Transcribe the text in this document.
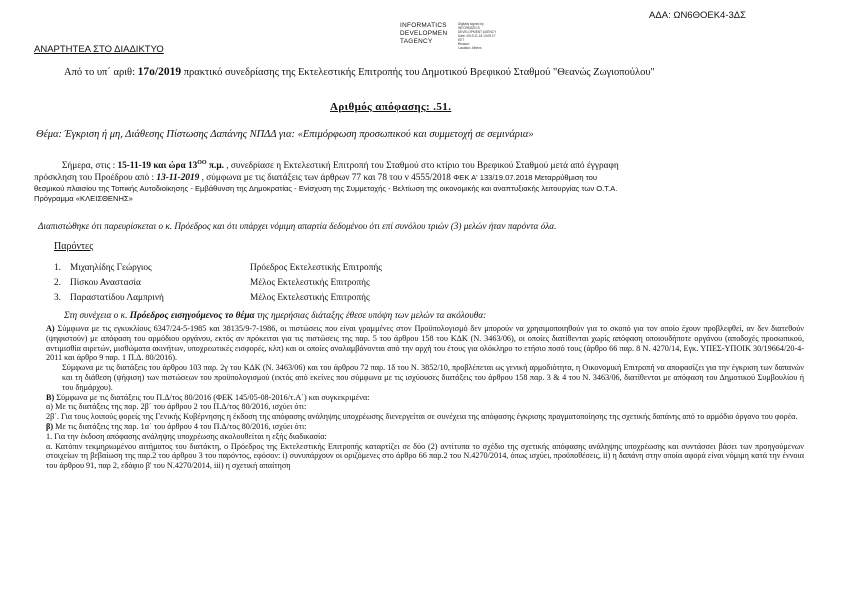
ΑΔΑ: ΩΝ6ΘΟΕΚ4-3ΔΣ
INFORMATICS
DEVELOPMEN
TAGENCY
Digitally signed by
INFORMATICS
DEVELOPMENT AGENCY
Date: 2019.11.18 13:09:17
EET
Reason:
Location: Athens
ΑΝΑΡΤΗΤΕΑ ΣΤΟ ΔΙΑΔΙΚΤΥΟ
Από το υπ΄ αριθ: 17ο/2019 πρακτικό συνεδρίασης της Εκτελεστικής Επιτροπής του Δημοτικού Βρεφικού Σταθμού "Θεανώς Ζωγιοπούλου"
Αριθμός απόφασης: .51.
Θέμα: Έγκριση ή μη, Διάθεσης Πίστωσης Δαπάνης ΝΠΔΔ για: «Επιμόρφωση προσωπικού και συμμετοχή σε σεμινάρια»
Σήμερα, στις : 15-11-19 και ώρα $13^{OO}$ π.μ. , συνεδρίασε η Εκτελεστική Επιτροπή του Σταθμού στο κτίριο του Βρεφικού Σταθμού μετά από έγγραφη
πρόσκληση του Προέδρου από : 13-11-2019 , σύμφωνα με τις διατάξεις των άρθρων 77 και 78 του ν 4555/2018 ΦΕΚ Α' 133/19.07.2018 Μεταρρύθμιση του
θεσμικού πλαισίου της Τοπικής Αυτοδιοίκησης - Εμβάθυνση της Δημοκρατίας - Ενίσχυση της Συμμετοχής - Βελτίωση της οικονομικής και αναπτυξιακής λειτουργίας των Ο.Τ.Α.
Πρόγραμμα «ΚΛΕΙΣΘΕΝΗΣ»
Διαπιστώθηκε ότι παρευρίσκεται ο κ. Πρόεδρος και ότι υπάρχει νόμιμη απαρτία δεδομένου ότι επί συνόλου τριών (3) μελών ήταν παρόντα όλα.
Παρόντες
1. Μιχαηλίδης Γεώργιος	Πρόεδρος Εκτελεστικής Επιτροπής
2. Πίσκου Αναστασία	Μέλος Εκτελεστικής Επιτροπής
3. Παραστατίδου Λαμπρινή	Μέλος Εκτελεστικής Επιτροπής
Στη συνέχεια ο κ. Πρόεδρος εισηγούμενος το θέμα της ημερήσιας διάταξης έθεσε υπόψη των μελών τα ακόλουθα:
Α) Σύμφωνα με τις εγκυκλίους 6347/24-5-1985 και 38135/9-7-1986, οι πιστώσεις που είναι γραμμένες στον Προϋπολογισμό δεν μπορούν να χρησιμοποιηθούν για το σκοπό για τον οποίο έχουν προβλεφθεί, αν δεν διατεθούν (ψηφιστούν) με απόφαση του αρμόδιου οργάνου, εκτός αν πρόκειται για τις πιστώσεις της παρ. 5 του άρθρου 158 του ΚΔΚ (Ν. 3463/06), οι οποίες διατίθενται χωρίς απόφαση οποιουδήποτε οργάνου (αποδοχές προσωπικού, αντιμισθία αιρετών, μισθώματα ακινήτων, υποχρεωτικές εισφορές, κλπ) και οι οποίες αναλαμβάνονται από την αρχή του έτους για ολόκληρο το ετήσιο ποσό τους (άρθρο 66 παρ. 8 Ν. 4270/14, Εγκ. ΥΠΕΣ-ΥΠΟΙΚ 30/19664/20-4-2011 και άρθρο 9 παρ. 1 Π.Δ. 80/2016).
Σύμφωνα με τις διατάξεις του άρθρου 103 παρ. 2γ του ΚΔΚ (Ν. 3463/06) και του άρθρου 72 παρ. 1δ του Ν. 3852/10, προβλέπεται ως γενική αρμοδιότητα, η Οικονομική Επιτροπή να αποφασίζει για την έγκριση των δαπανών και τη διάθεση (ψήφιση) των πιστώσεων του προϋπολογισμού (εκτός από εκείνες που σύμφωνα με τις ισχύουσες διατάξεις του άρθρου 158 παρ. 3 & 4 του Ν. 3463/06, διατίθενται με απόφαση του Δημοτικού Συμβουλίου ή του δημάρχου).
Β) Σύμφωνα με τις διατάξεις του Π.Δ/τος 80/2016 (ΦΕΚ 145/05-08-2016/τ.Α΄) και συγκεκριμένα:
α) Με τις διατάξεις της παρ. 2β΄ του άρθρου 2 του Π.Δ/τος 80/2016, ισχύει ότι:
2β΄. Για τους λοιπούς φορείς της Γενικής Κυβέρνησης η έκδοση της απόφασης ανάληψης υποχρέωσης διενεργείται σε συνέχεια της απόφασης έγκρισης πραγματοποίησης της σχετικής δαπάνης από το αρμόδιο όργανο του φορέα.
β) Με τις διατάξεις της παρ. 1α΄ του άρθρου 4 του Π.Δ/τος 80/2016, ισχύει ότι:
1. Για την έκδοση απόφασης ανάληψης υποχρέωσης ακολουθείται η εξής διαδικασία:
α. Κατόπιν τεκμηριωμένου αιτήματος του διατάκτη, ο Πρόεδρος της Εκτελεστικής Επιτροπής καταρτίζει σε δύο (2) αντίτυπα το σχέδιο της σχετικής απόφασης ανάληψης υποχρέωσης και συντάσσει βάσει των προηγούμενων στοιχείων τη βεβαίωση της παρ.2 του άρθρου 3 του παρόντος, εφόσον: i) συνυπάρχουν οι οριζόμενες στο άρθρο 66 παρ.2 του Ν.4270/2014, όπως ισχύει, προϋποθέσεις, ii) η δαπάνη στην οποία αφορά είναι νόμιμη κατά την έννοια του άρθρου 91, παρ 2, εδάφιο β' του Ν.4270/2014, iii) η σχετική απαίτηση
